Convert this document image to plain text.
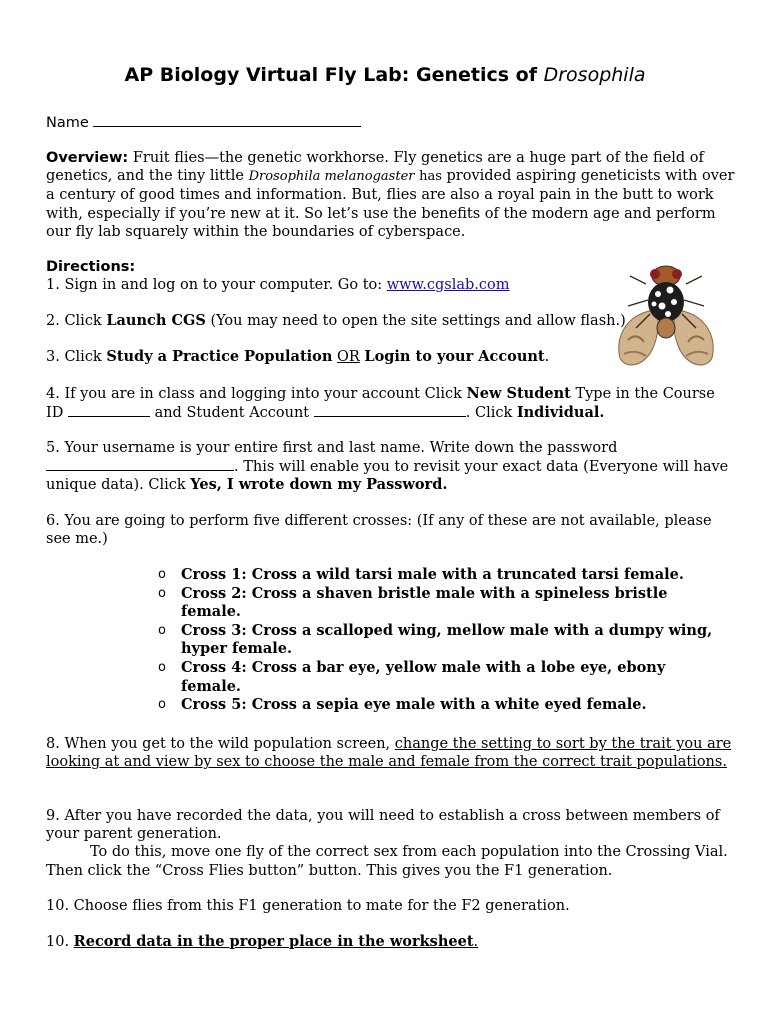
AP Biology Virtual Fly Lab: Genetics of Drosophila

Name

Overview: Fruit flies—the genetic workhorse. Fly genetics are a huge part of the field of genetics, and the tiny little Drosophila melanogaster has provided aspiring geneticists with over a century of good times and information. But, flies are also a royal pain in the butt to work with, especially if you’re new at it. So let’s use the benefits of the modern age and perform our fly lab squarely within the boundaries of cyberspace.

Directions:

1. Sign in and log on to your computer. Go to: www.cgslab.com

2. Click Launch CGS (You may need to open the site settings and allow flash.)

3. Click Study a Practice Population OR Login to your Account.

4. If you are in class and logging into your account Click New Student Type in the Course ID	and Student Account	. Click Individual.

5. Your username is your entire first and last name. Write down the password . This will enable you to revisit your exact data (Everyone will have unique data). Click Yes, I wrote down my Password.

6. You are going to perform five different crosses: (If any of these are not available, please see me.)

o Cross 1: Cross a wild tarsi male with a truncated tarsi female.
o Cross 2: Cross a shaven bristle male with a spineless bristle female.
o Cross 3: Cross a scalloped wing, mellow male with a dumpy wing, hyper female.
o Cross 4: Cross a bar eye, yellow male with a lobe eye, ebony female.
o Cross 5: Cross a sepia eye male with a white eyed female.

8. When you get to the wild population screen, change the setting to sort by the trait you are looking at and view by sex to choose the male and female from the correct trait populations.

9. After you have recorded the data, you will need to establish a cross between members of your parent generation.
To do this, move one fly of the correct sex from each population into the Crossing Vial. Then click the “Cross Flies button” button. This gives you the F1 generation.

10. Choose flies from this F1 generation to mate for the F2 generation.

10. Record data in the proper place in the worksheet.
